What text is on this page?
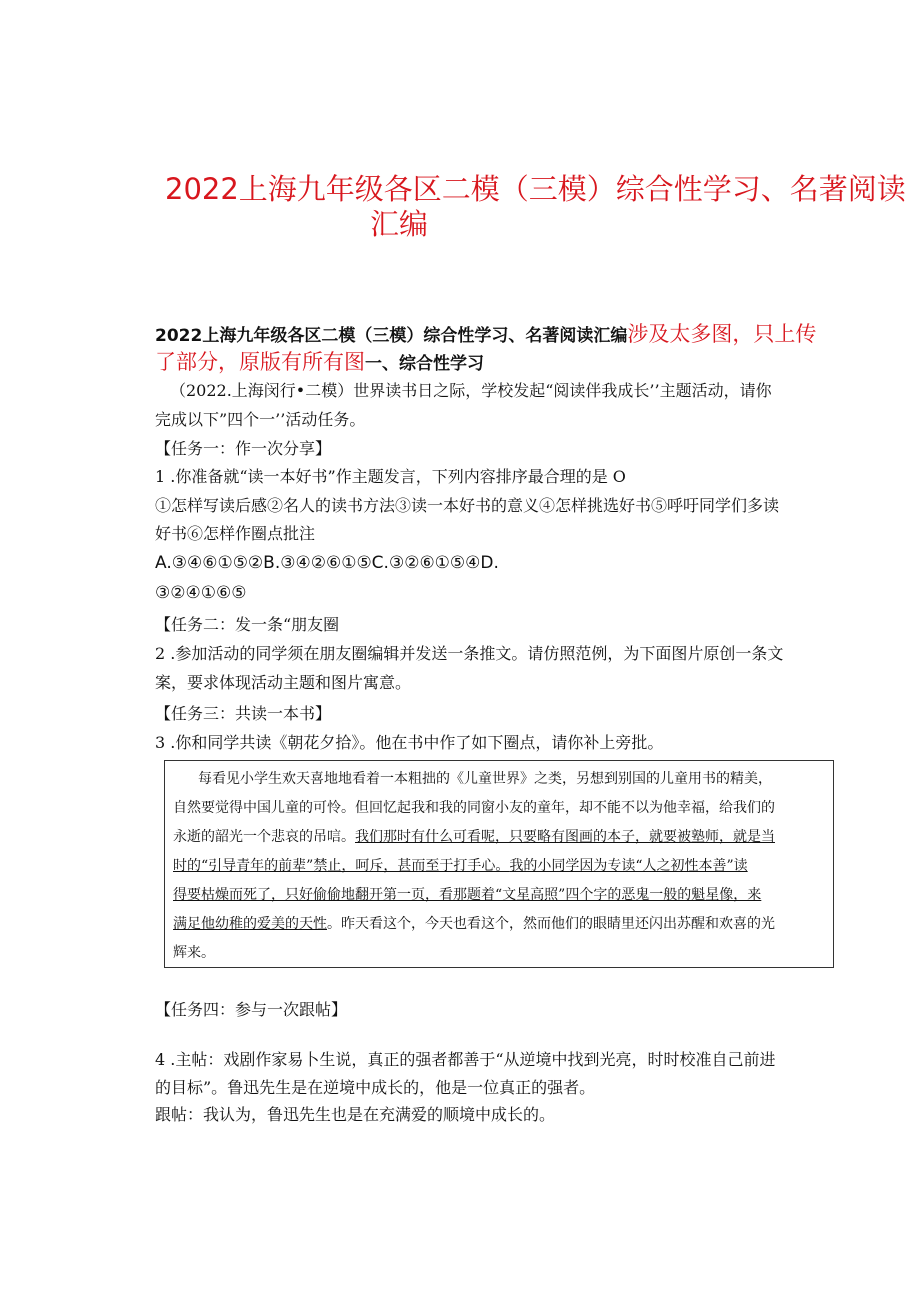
2022上海九年级各区二模（三模）综合性学习、名著阅读
汇编
2022上海九年级各区二模（三模）综合性学习、名著阅读汇编涉及太多图，只上传
了部分，原版有所有图一、综合性学习
（2022.上海闵行•二模）世界读书日之际，学校发起“阅读伴我成长’’主题活动，请你
完成以下”四个一’’活动任务。
【任务一：作一次分享】
1 .你准备就“读一本好书”作主题发言，下列内容排序最合理的是 O
①怎样写读后感②名人的读书方法③读一本好书的意义④怎样挑选好书⑤呼吁同学们多读
好书⑥怎样作圈点批注
A.③④⑥①⑤②B.③④②⑥①⑤C.③②⑥①⑤④D.
③②④①⑥⑤
【任务二：发一条“朋友圈
2 .参加活动的同学须在朋友圈编辑并发送一条推文。请仿照范例，为下面图片原创一条文
案，要求体现活动主题和图片寓意。
【任务三：共读一本书】
3 .你和同学共读《朝花夕拾》。他在书中作了如下圈点，请你补上旁批。
每看见小学生欢天喜地地看着一本粗拙的《儿童世界》之类，另想到别国的儿童用书的精美，
自然要觉得中国儿童的可怜。但回忆起我和我的同窗小友的童年，却不能不以为他幸福，给我们的
永逝的韶光一个悲哀的吊唁。我们那时有什么可看呢，只要略有图画的本子，就要被塾师，就是当
时的“引导青年的前辈”禁止，呵斥，甚而至于打手心。我的小同学因为专读“人之初性本善”读
得要枯燥而死了，只好偷偷地翻开第一页，看那题着“文星高照”四个字的恶鬼一般的魁星像，来
满足他幼稚的爱美的天性。昨天看这个，今天也看这个，然而他们的眼睛里还闪出苏醒和欢喜的光
辉来。
【任务四：参与一次跟帖】
4 .主帖：戏剧作家易卜生说，真正的强者都善于“从逆境中找到光亮，时时校准自己前进
的目标”。鲁迅先生是在逆境中成长的，他是一位真正的强者。
跟帖：我认为，鲁迅先生也是在充满爱的顺境中成长的。
